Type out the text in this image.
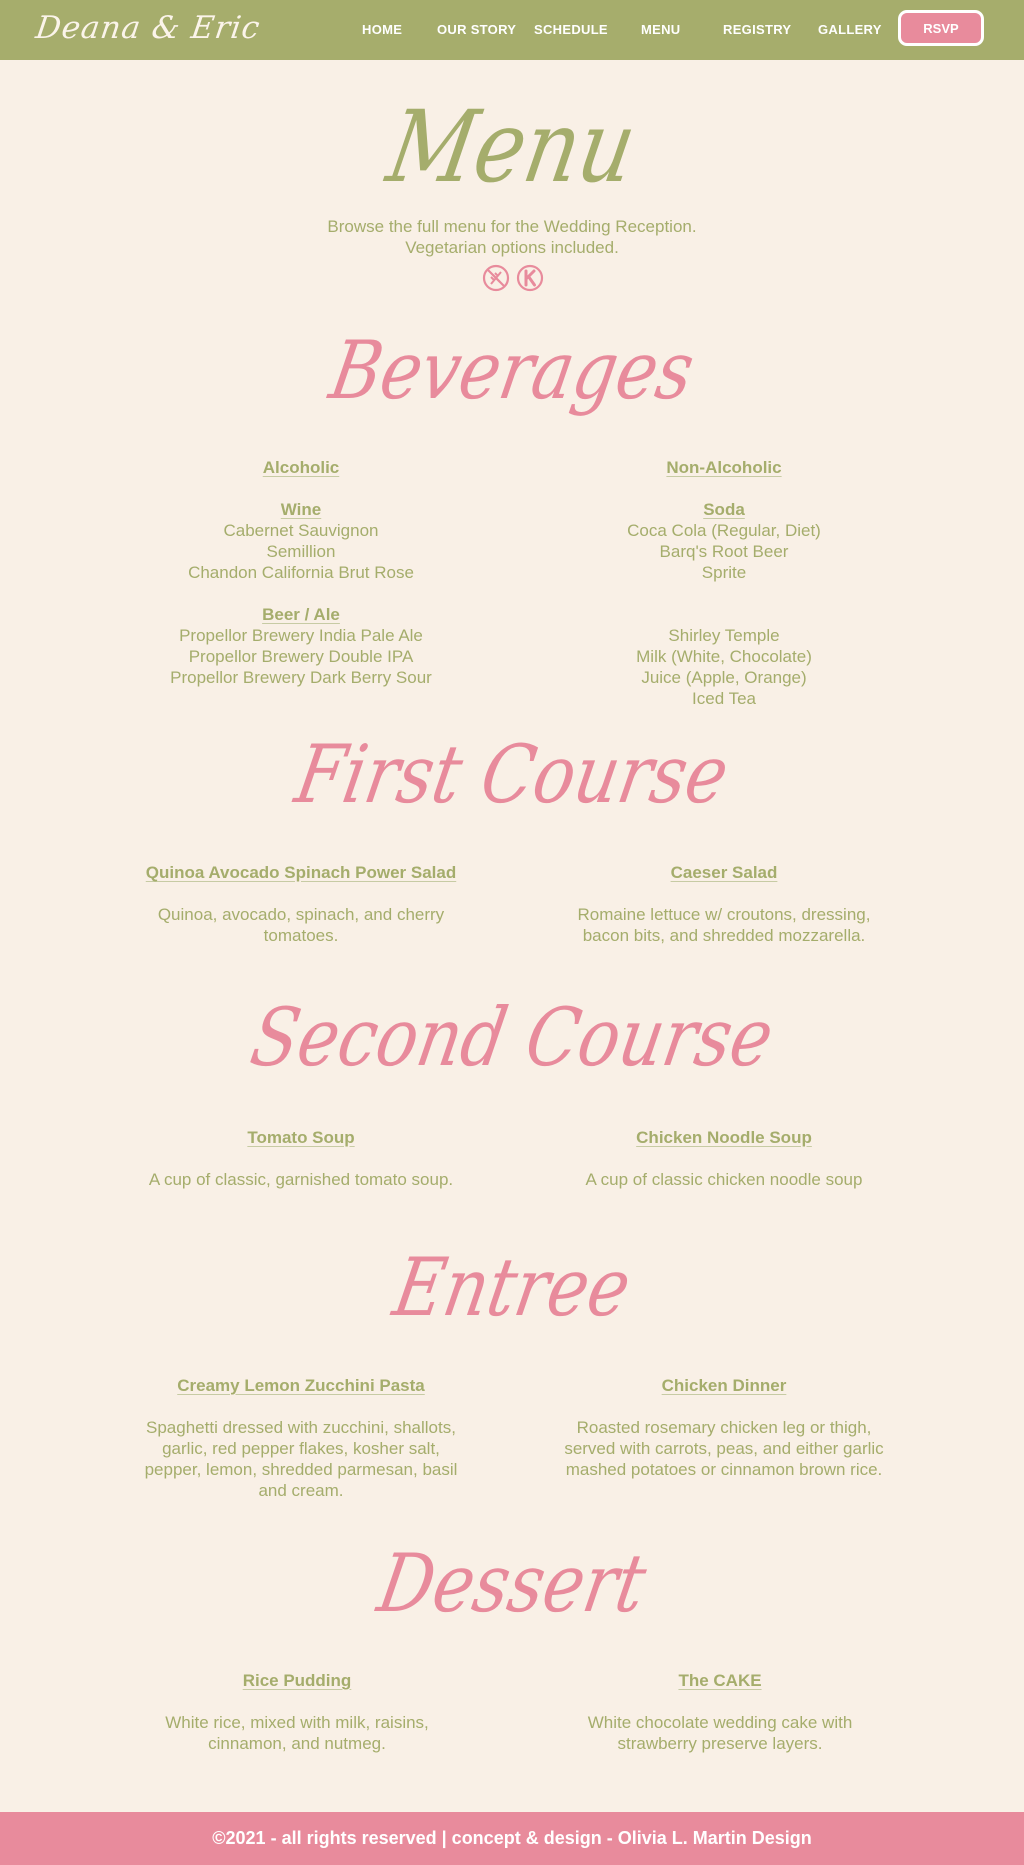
Deana & Eric	HOME	OUR STORY SCHEDULE	MENU	REGISTRY GALLERY	RSVP
Menu
Browse the full menu for the Wedding Reception.
Vegetarian options included.
Beverages
Alcoholic
Wine
Cabernet Sauvignon
Semillion
Chandon California Brut Rose
Beer / Ale
Propellor Brewery India Pale Ale
Propellor Brewery Double IPA
Propellor Brewery Dark Berry Sour
Non-Alcoholic
Soda
Coca Cola (Regular, Diet)
Barq's Root Beer
Sprite
Shirley Temple
Milk (White, Chocolate)
Juice (Apple, Orange)
Iced Tea
First Course
Quinoa Avocado Spinach Power Salad
Quinoa, avocado, spinach, and cherry tomatoes.
Caeser Salad
Romaine lettuce w/ croutons, dressing, bacon bits, and shredded mozzarella.
Second Course
Tomato Soup
A cup of classic, garnished tomato soup.
Chicken Noodle Soup
A cup of classic chicken noodle soup
Entree
Creamy Lemon Zucchini Pasta
Spaghetti dressed with zucchini, shallots, garlic, red pepper flakes, kosher salt, pepper, lemon, shredded parmesan, basil and cream.
Chicken Dinner
Roasted rosemary chicken leg or thigh, served with carrots, peas, and either garlic mashed potatoes or cinnamon brown rice.
Dessert
Rice Pudding
White rice, mixed with milk, raisins, cinnamon, and nutmeg.
The CAKE
White chocolate wedding cake with strawberry preserve layers.
©2021 - all rights reserved | concept & design - Olivia L. Martin Design
